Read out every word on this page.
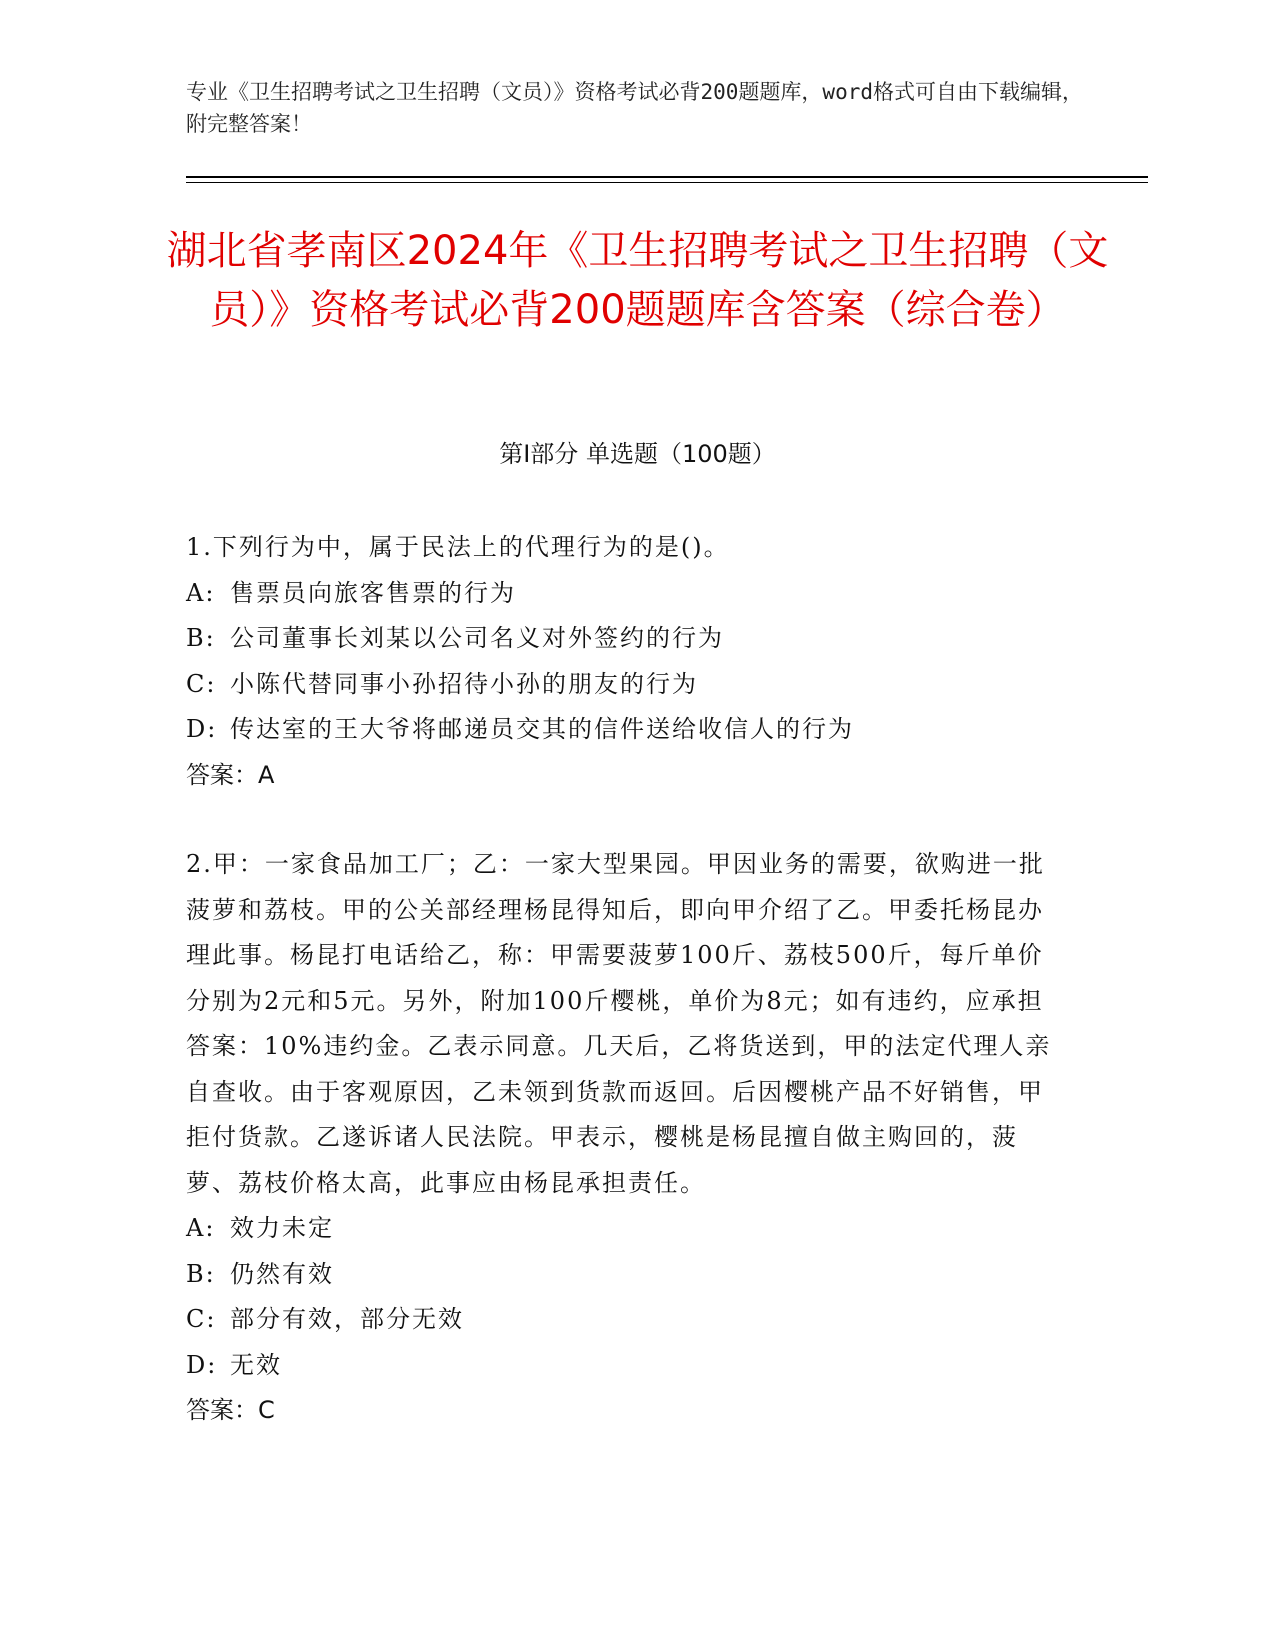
专业《卫生招聘考试之卫生招聘（文员）》资格考试必背200题题库，word格式可自由下载编辑，附完整答案！
湖北省孝南区2024年《卫生招聘考试之卫生招聘（文员）》资格考试必背200题题库含答案（综合卷）
第Ⅰ部分 单选题（100题）

1.下列行为中，属于民法上的代理行为的是()。

A: 售票员向旅客售票的行为

B: 公司董事长刘某以公司名义对外签约的行为

C: 小陈代替同事小孙招待小孙的朋友的行为

D: 传达室的王大爷将邮递员交其的信件送给收信人的行为

答案：A

2.甲：一家食品加工厂；乙：一家大型果园。甲因业务的需要，欲购进一批菠萝和荔枝。甲的公关部经理杨昆得知后，即向甲介绍了乙。甲委托杨昆办理此事。杨昆打电话给乙，称：甲需要菠萝100斤、荔枝500斤，每斤单价分别为2元和5元。另外，附加100斤樱桃，单价为8元；如有违约，应承担答案：10%违约金。乙表示同意。几天后，乙将货送到，甲的法定代理人亲自查收。由于客观原因，乙未领到货款而返回。后因樱桃产品不好销售，甲拒付货款。乙遂诉诸人民法院。甲表示，樱桃是杨昆擅自做主购回的，菠萝、荔枝价格太高，此事应由杨昆承担责任。

A: 效力未定

B: 仍然有效

C: 部分有效，部分无效

D: 无效

答案：C
